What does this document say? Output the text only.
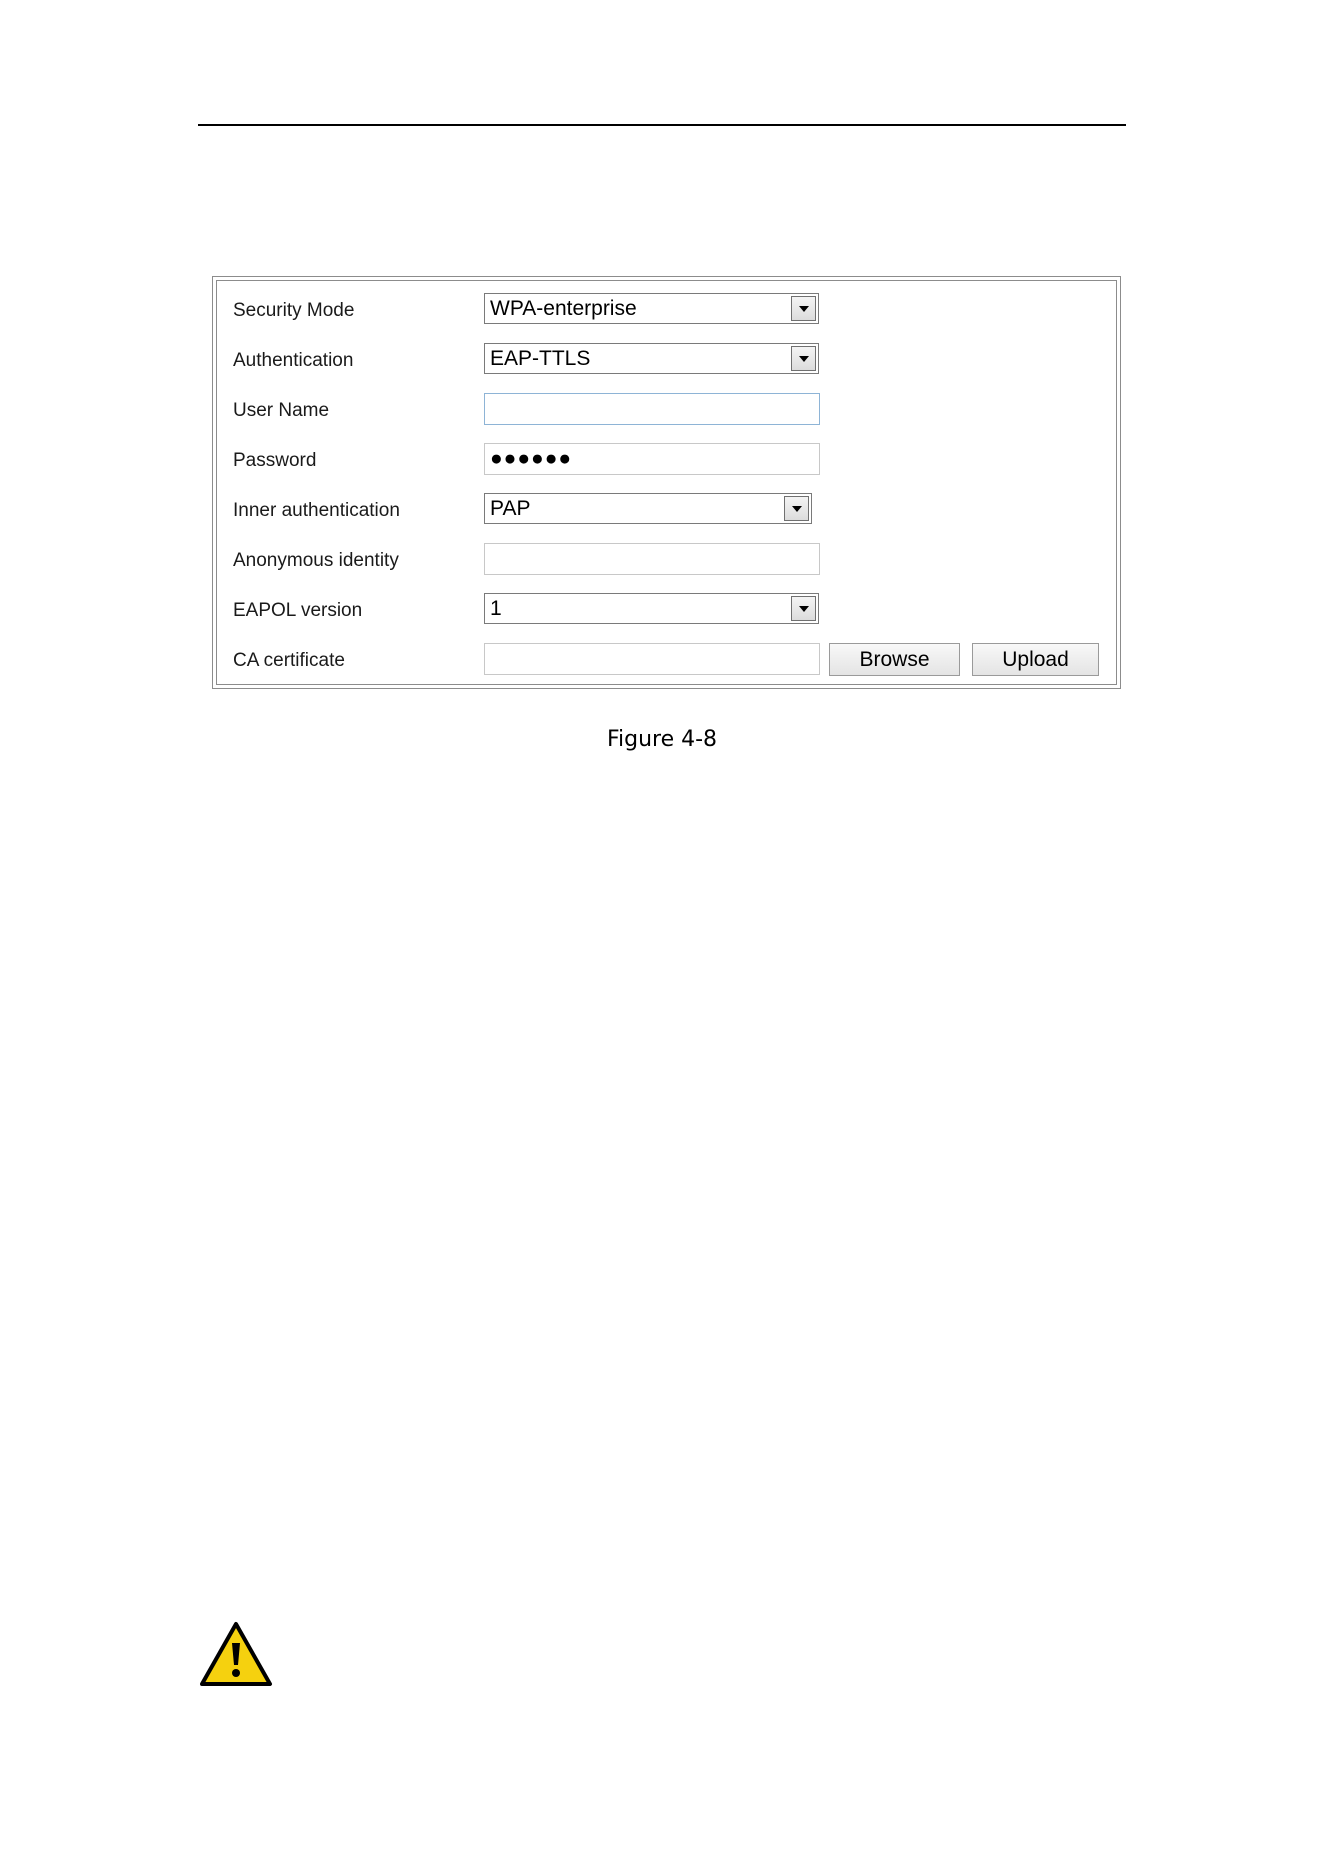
Security Mode	WPA-enterprise
Authentication	EAP-TTLS
User Name
Password	●●●●●●
Inner authentication	PAP
Anonymous identity
EAPOL version	1
CA certificate	Browse	Upload
Figure 4-8
